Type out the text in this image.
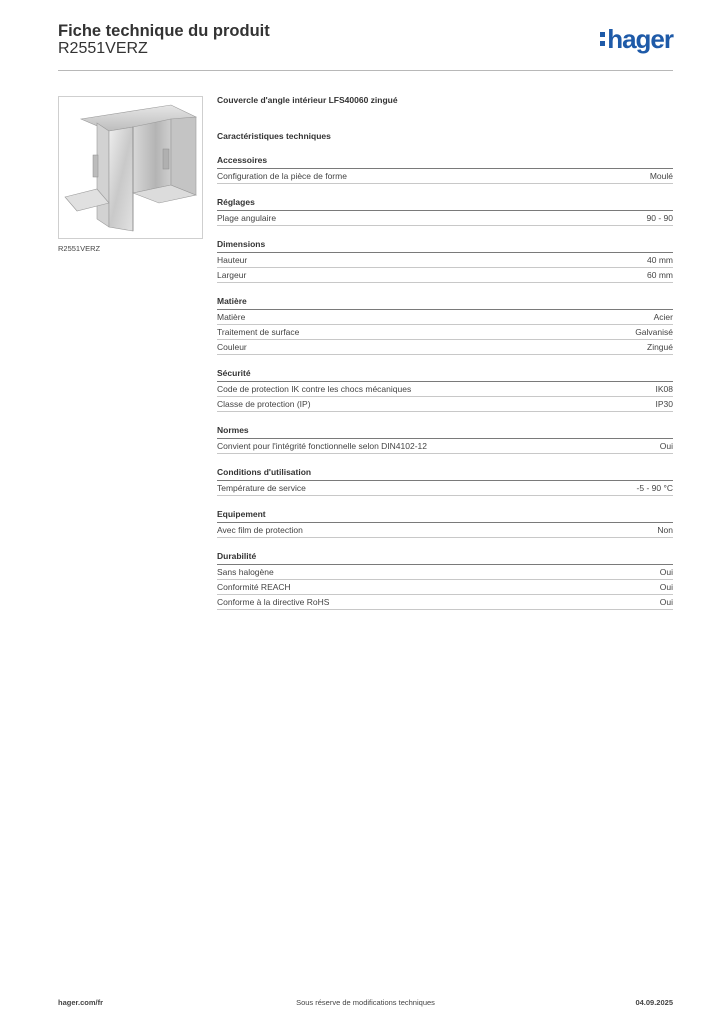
Fiche technique du produit
R2551VERZ	hager
R2551VERZ
Couvercle d'angle intérieur LFS40060 zingué
Caractéristiques techniques
Accessoires
Configuration de la pièce de forme	Moulé
Réglages
Plage angulaire	90 - 90
Dimensions
Hauteur	40 mm
Largeur	60 mm
Matière
Matière	Acier
Traitement de surface	Galvanisé
Couleur	Zingué
Sécurité
Code de protection IK contre les chocs mécaniques	IK08
Classe de protection (IP)	IP30
Normes
Convient pour l'intégrité fonctionnelle selon DIN4102-12	Oui
Conditions d'utilisation
Température de service	-5 - 90 °C
Equipement
Avec film de protection	Non
Durabilité
Sans halogène	Oui
Conformité REACH	Oui
Conforme à la directive RoHS	Oui
hager.com/fr	Sous réserve de modifications techniques	04.09.2025
